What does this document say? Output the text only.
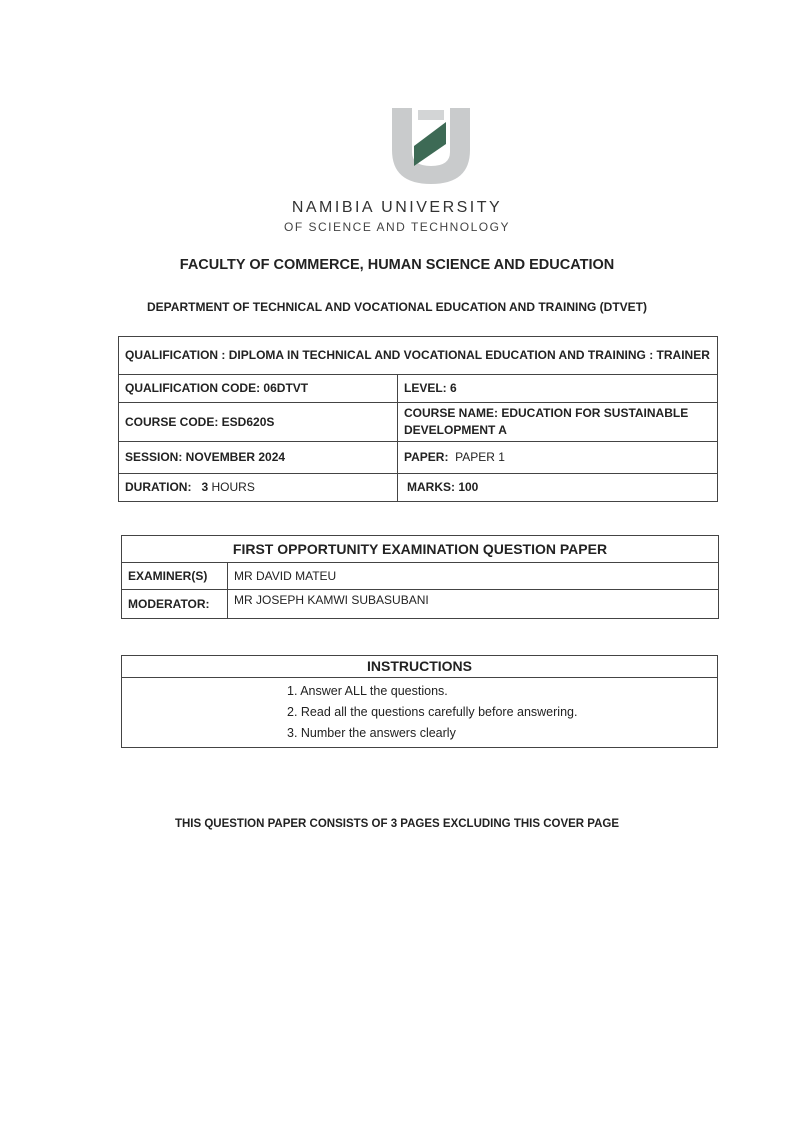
NAMIBIA UNIVERSITY
OF SCIENCE AND TECHNOLOGY
FACULTY OF COMMERCE, HUMAN SCIENCE AND EDUCATION
DEPARTMENT OF TECHNICAL AND VOCATIONAL EDUCATION AND TRAINING (DTVET)
QUALIFICATION : DIPLOMA IN TECHNICAL AND VOCATIONAL EDUCATION AND TRAINING : TRAINER	
QUALIFICATION CODE: 06DTVT	LEVEL: 6
COURSE CODE: ESD620S	COURSE NAME: EDUCATION FOR SUSTAINABLE DEVELOPMENT A
SESSION: NOVEMBER 2024	PAPER: PAPER 1
DURATION: 3 HOURS	MARKS: 100
FIRST OPPORTUNITY EXAMINATION QUESTION PAPER	
EXAMINER(S)	MR DAVID MATEU
MODERATOR:	MR JOSEPH KAMWI SUBASUBANI
INSTRUCTIONS

1. Answer ALL the questions.
2. Read all the questions carefully before answering.
3. Number the answers clearly
THIS QUESTION PAPER CONSISTS OF 3 PAGES EXCLUDING THIS COVER PAGE
